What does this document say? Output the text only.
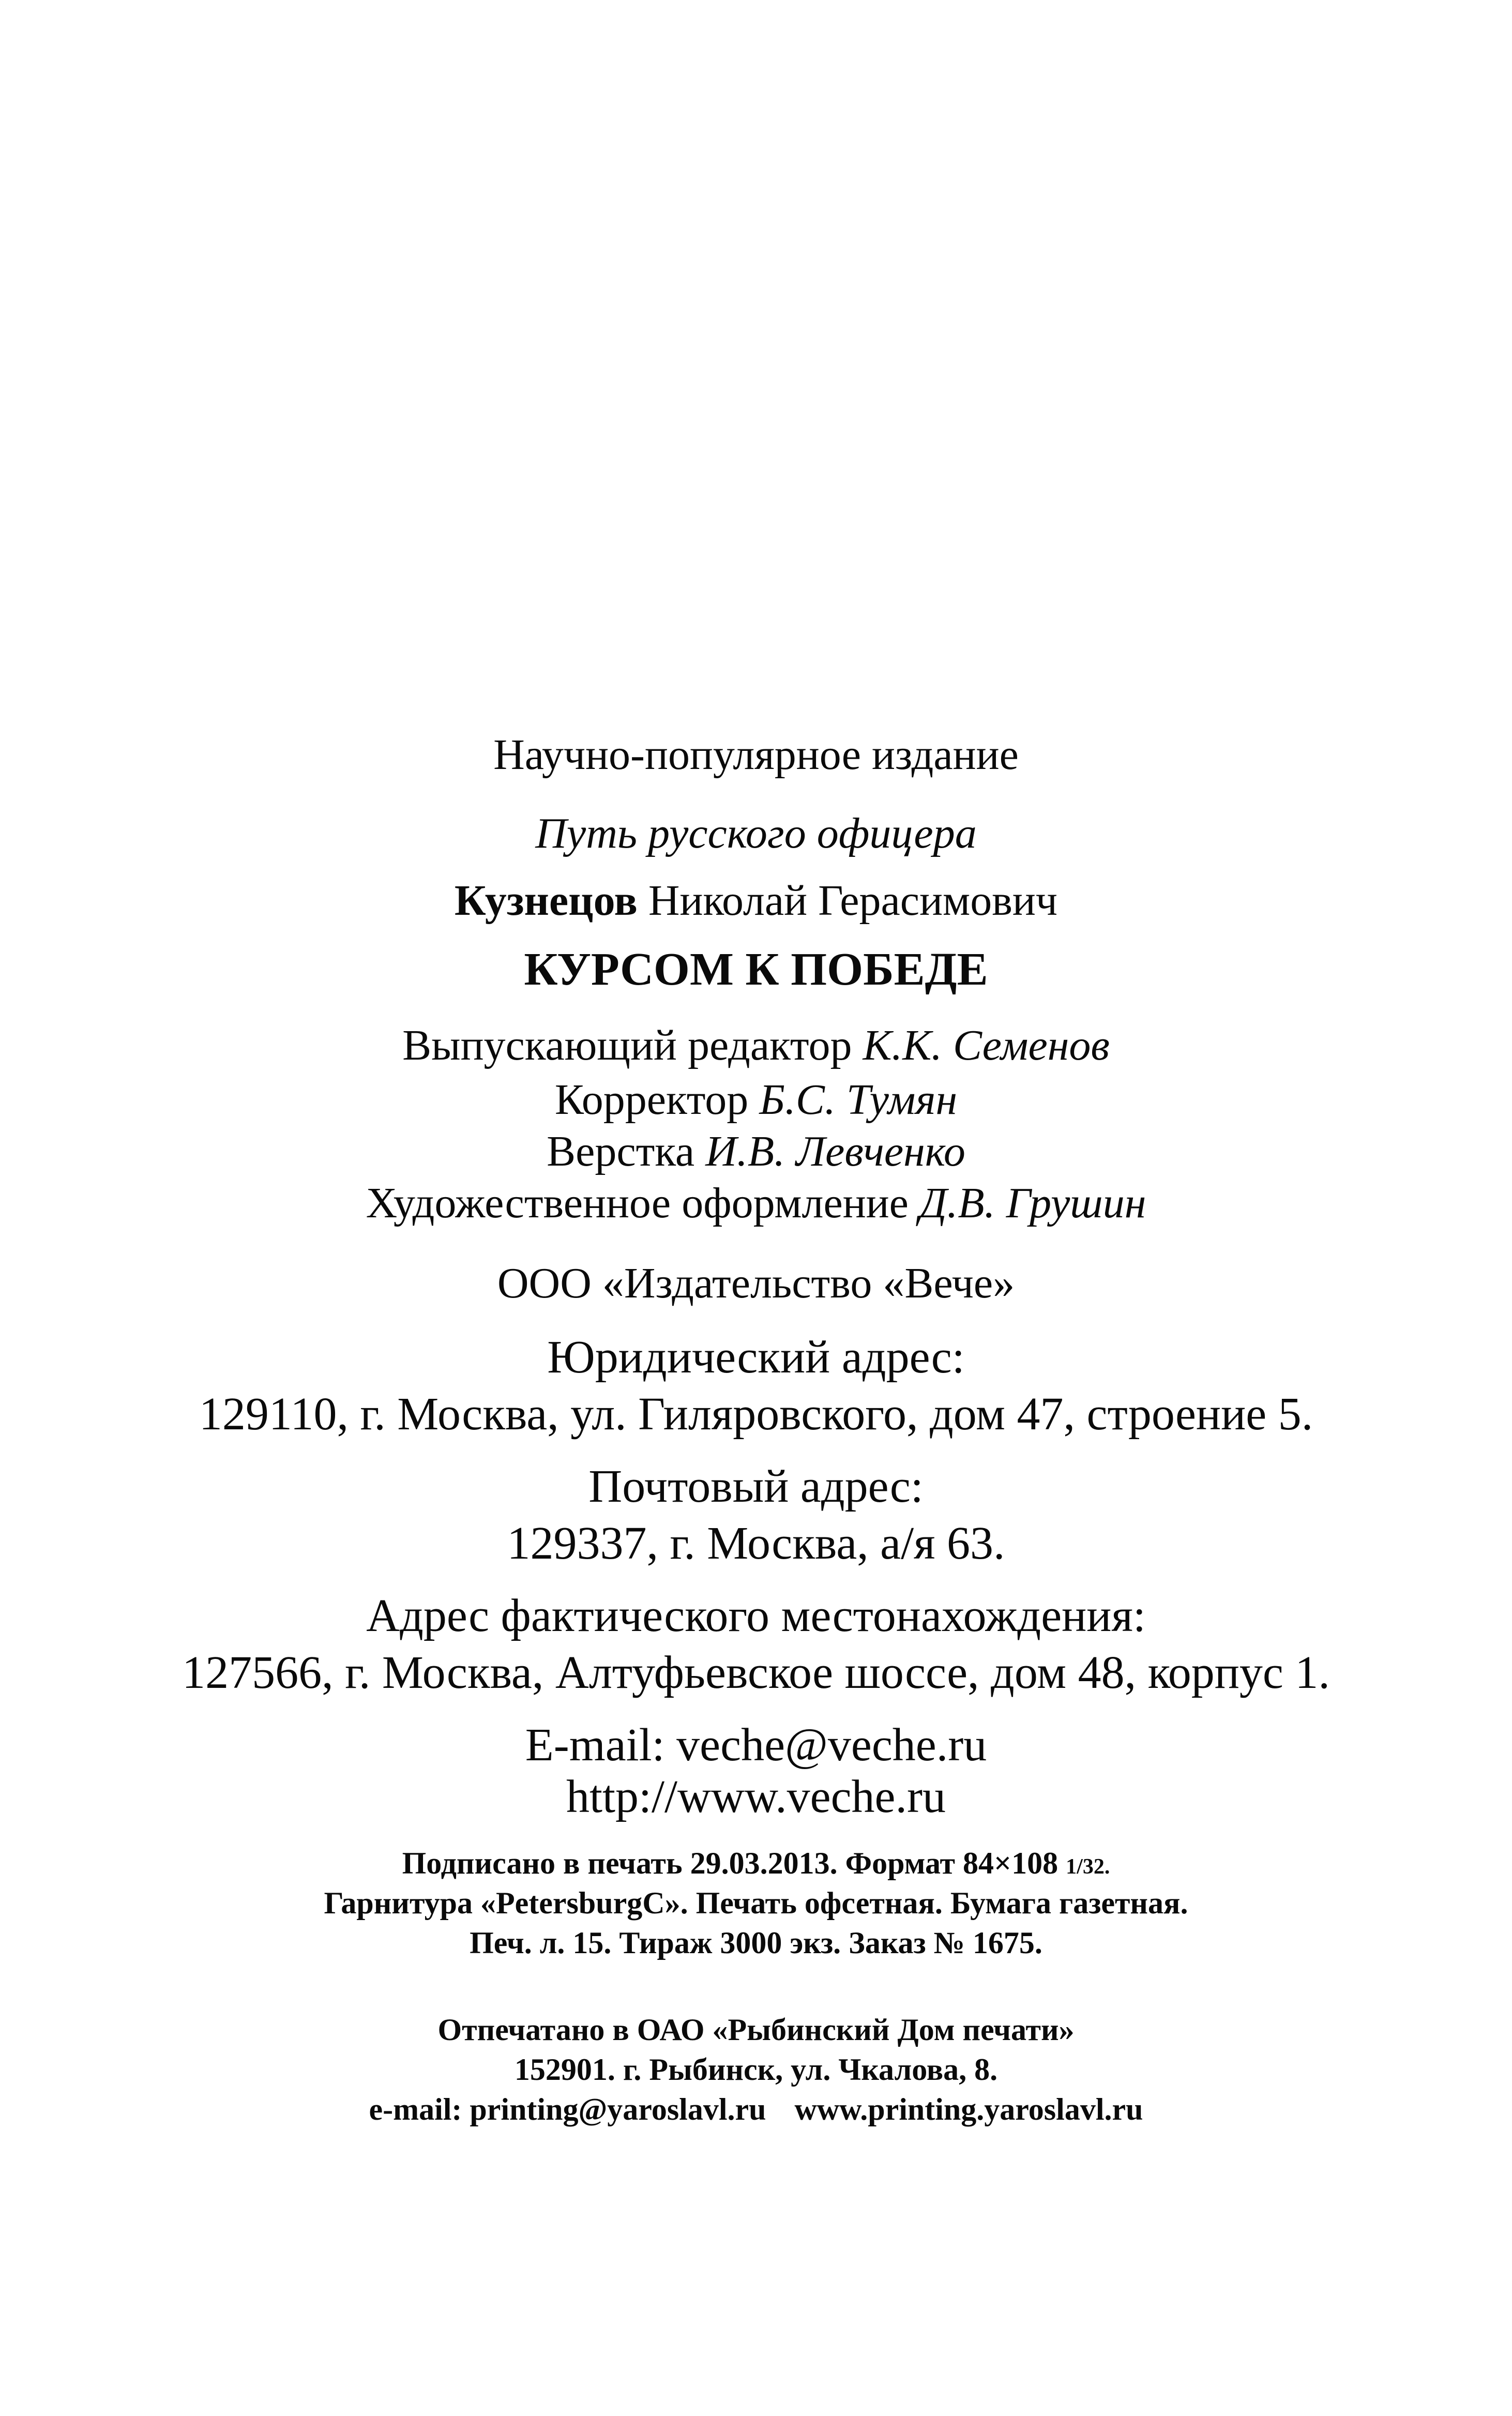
Научно-популярное издание
Путь русского офицера
Кузнецов Николай Герасимович
КУРСОМ К ПОБЕДЕ
Выпускающий редактор К.К. Семенов
Корректор Б.С. Тумян
Верстка И.В. Левченко
Художественное оформление Д.В. Грушин
ООО «Издательство «Вече»
Юридический адрес:
129110, г. Москва, ул. Гиляровского, дом 47, строение 5.
Почтовый адрес:
129337, г. Москва, а/я 63.
Адрес фактического местонахождения:
127566, г. Москва, Алтуфьевское шоссе, дом 48, корпус 1.
E-mail: veche@veche.ru
http://www.veche.ru
Подписано в печать 29.03.2013. Формат 84×108 1/32.
Гарнитура «PetersburgC». Печать офсетная. Бумага газетная.
Печ. л. 15. Тираж 3000 экз. Заказ № 1675.
Отпечатано в ОАО «Рыбинский Дом печати»
152901. г. Рыбинск, ул. Чкалова, 8.
e-mail: printing@yaroslavl.ru www.printing.yaroslavl.ru
